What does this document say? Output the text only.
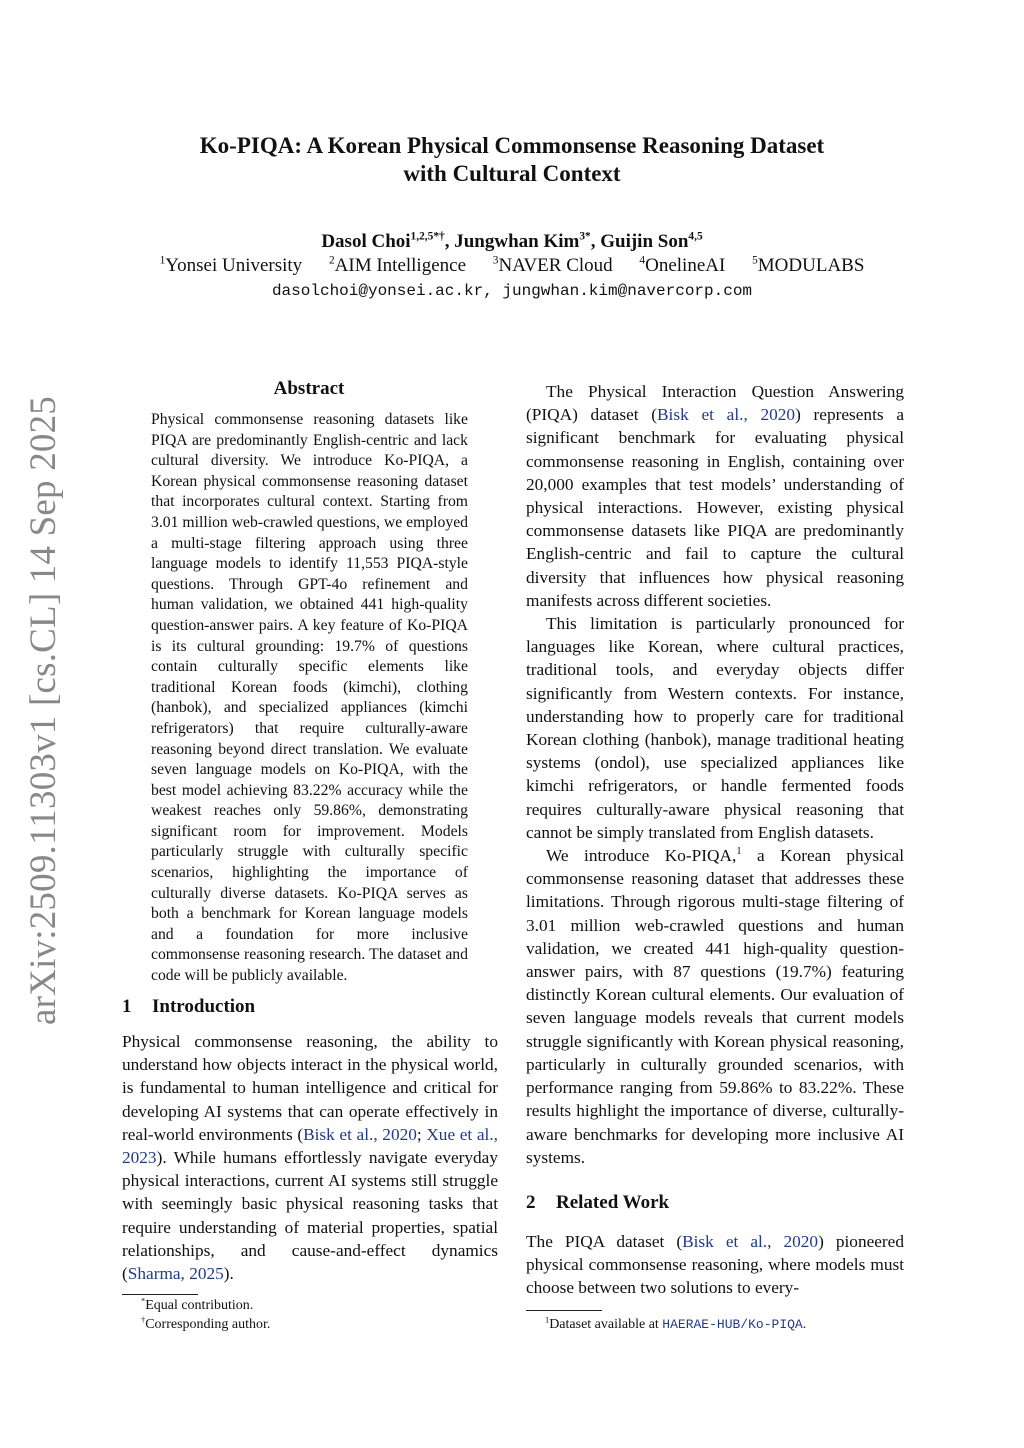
Ko-PIQA: A Korean Physical Commonsense Reasoning Dataset
with Cultural Context
Dasol Choi$^{1,2,5*\dagger}$, Jungwhan Kim$^{3*}$, Guijin Son$^{4,5}$
$^1$Yonsei University $^2$AIM Intelligence $^3$NAVER Cloud $^4$OnelineAI $^5$MODULABS
dasolchoi@yonsei.ac.kr, jungwhan.kim@navercorp.com
arXiv:2509.11303v1 [cs.CL] 14 Sep 2025
Abstract
Physical commonsense reasoning datasets like PIQA are predominantly English-centric and lack cultural diversity. We introduce Ko-PIQA, a Korean physical commonsense reasoning dataset that incorporates cultural context. Starting from 3.01 million web-crawled questions, we employed a multi-stage filtering approach using three language models to identify 11,553 PIQA-style questions. Through GPT-4o refinement and human validation, we obtained 441 high-quality question-answer pairs. A key feature of Ko-PIQA is its cultural grounding: 19.7% of questions contain culturally specific elements like traditional Korean foods (kimchi), clothing (hanbok), and specialized appliances (kimchi refrigerators) that require culturally-aware reasoning beyond direct translation. We evaluate seven language models on Ko-PIQA, with the best model achieving 83.22% accuracy while the weakest reaches only 59.86%, demonstrating significant room for improvement. Models particularly struggle with culturally specific scenarios, highlighting the importance of culturally diverse datasets. Ko-PIQA serves as both a benchmark for Korean language models and a foundation for more inclusive commonsense reasoning research. The dataset and code will be publicly available.
1 Introduction
Physical commonsense reasoning, the ability to understand how objects interact in the physical world, is fundamental to human intelligence and critical for developing AI systems that can operate effectively in real-world environments (Bisk et al., 2020; Xue et al., 2023). While humans effortlessly navigate everyday physical interactions, current AI systems still struggle with seemingly basic physical reasoning tasks that require understanding of material properties, spatial relationships, and cause-and-effect dynamics (Sharma, 2025).

The Physical Interaction Question Answering (PIQA) dataset (Bisk et al., 2020) represents a significant benchmark for evaluating physical commonsense reasoning in English, containing over 20,000 examples that test models’ understanding of physical interactions. However, existing physical commonsense datasets like PIQA are predominantly English-centric and fail to capture the cultural diversity that influences how physical reasoning manifests across different societies.

This limitation is particularly pronounced for languages like Korean, where cultural practices, traditional tools, and everyday objects differ significantly from Western contexts. For instance, understanding how to properly care for traditional Korean clothing (hanbok), manage traditional heating systems (ondol), use specialized appliances like kimchi refrigerators, or handle fermented foods requires culturally-aware physical reasoning that cannot be simply translated from English datasets.

We introduce Ko-PIQA,$^1$ a Korean physical commonsense reasoning dataset that addresses these limitations. Through rigorous multi-stage filtering of 3.01 million web-crawled questions and human validation, we created 441 high-quality question-answer pairs, with 87 questions (19.7%) featuring distinctly Korean cultural elements. Our evaluation of seven language models reveals that current models struggle significantly with Korean physical reasoning, particularly in culturally grounded scenarios, with performance ranging from 59.86% to 83.22%. These results highlight the importance of diverse, culturally-aware benchmarks for developing more inclusive AI systems.

2 Related Work
The PIQA dataset (Bisk et al., 2020) pioneered physical commonsense reasoning, where models must choose between two solutions to every-
*Equal contribution.
†Corresponding author.	$^1$Dataset available at HAERAE-HUB/Ko-PIQA.
